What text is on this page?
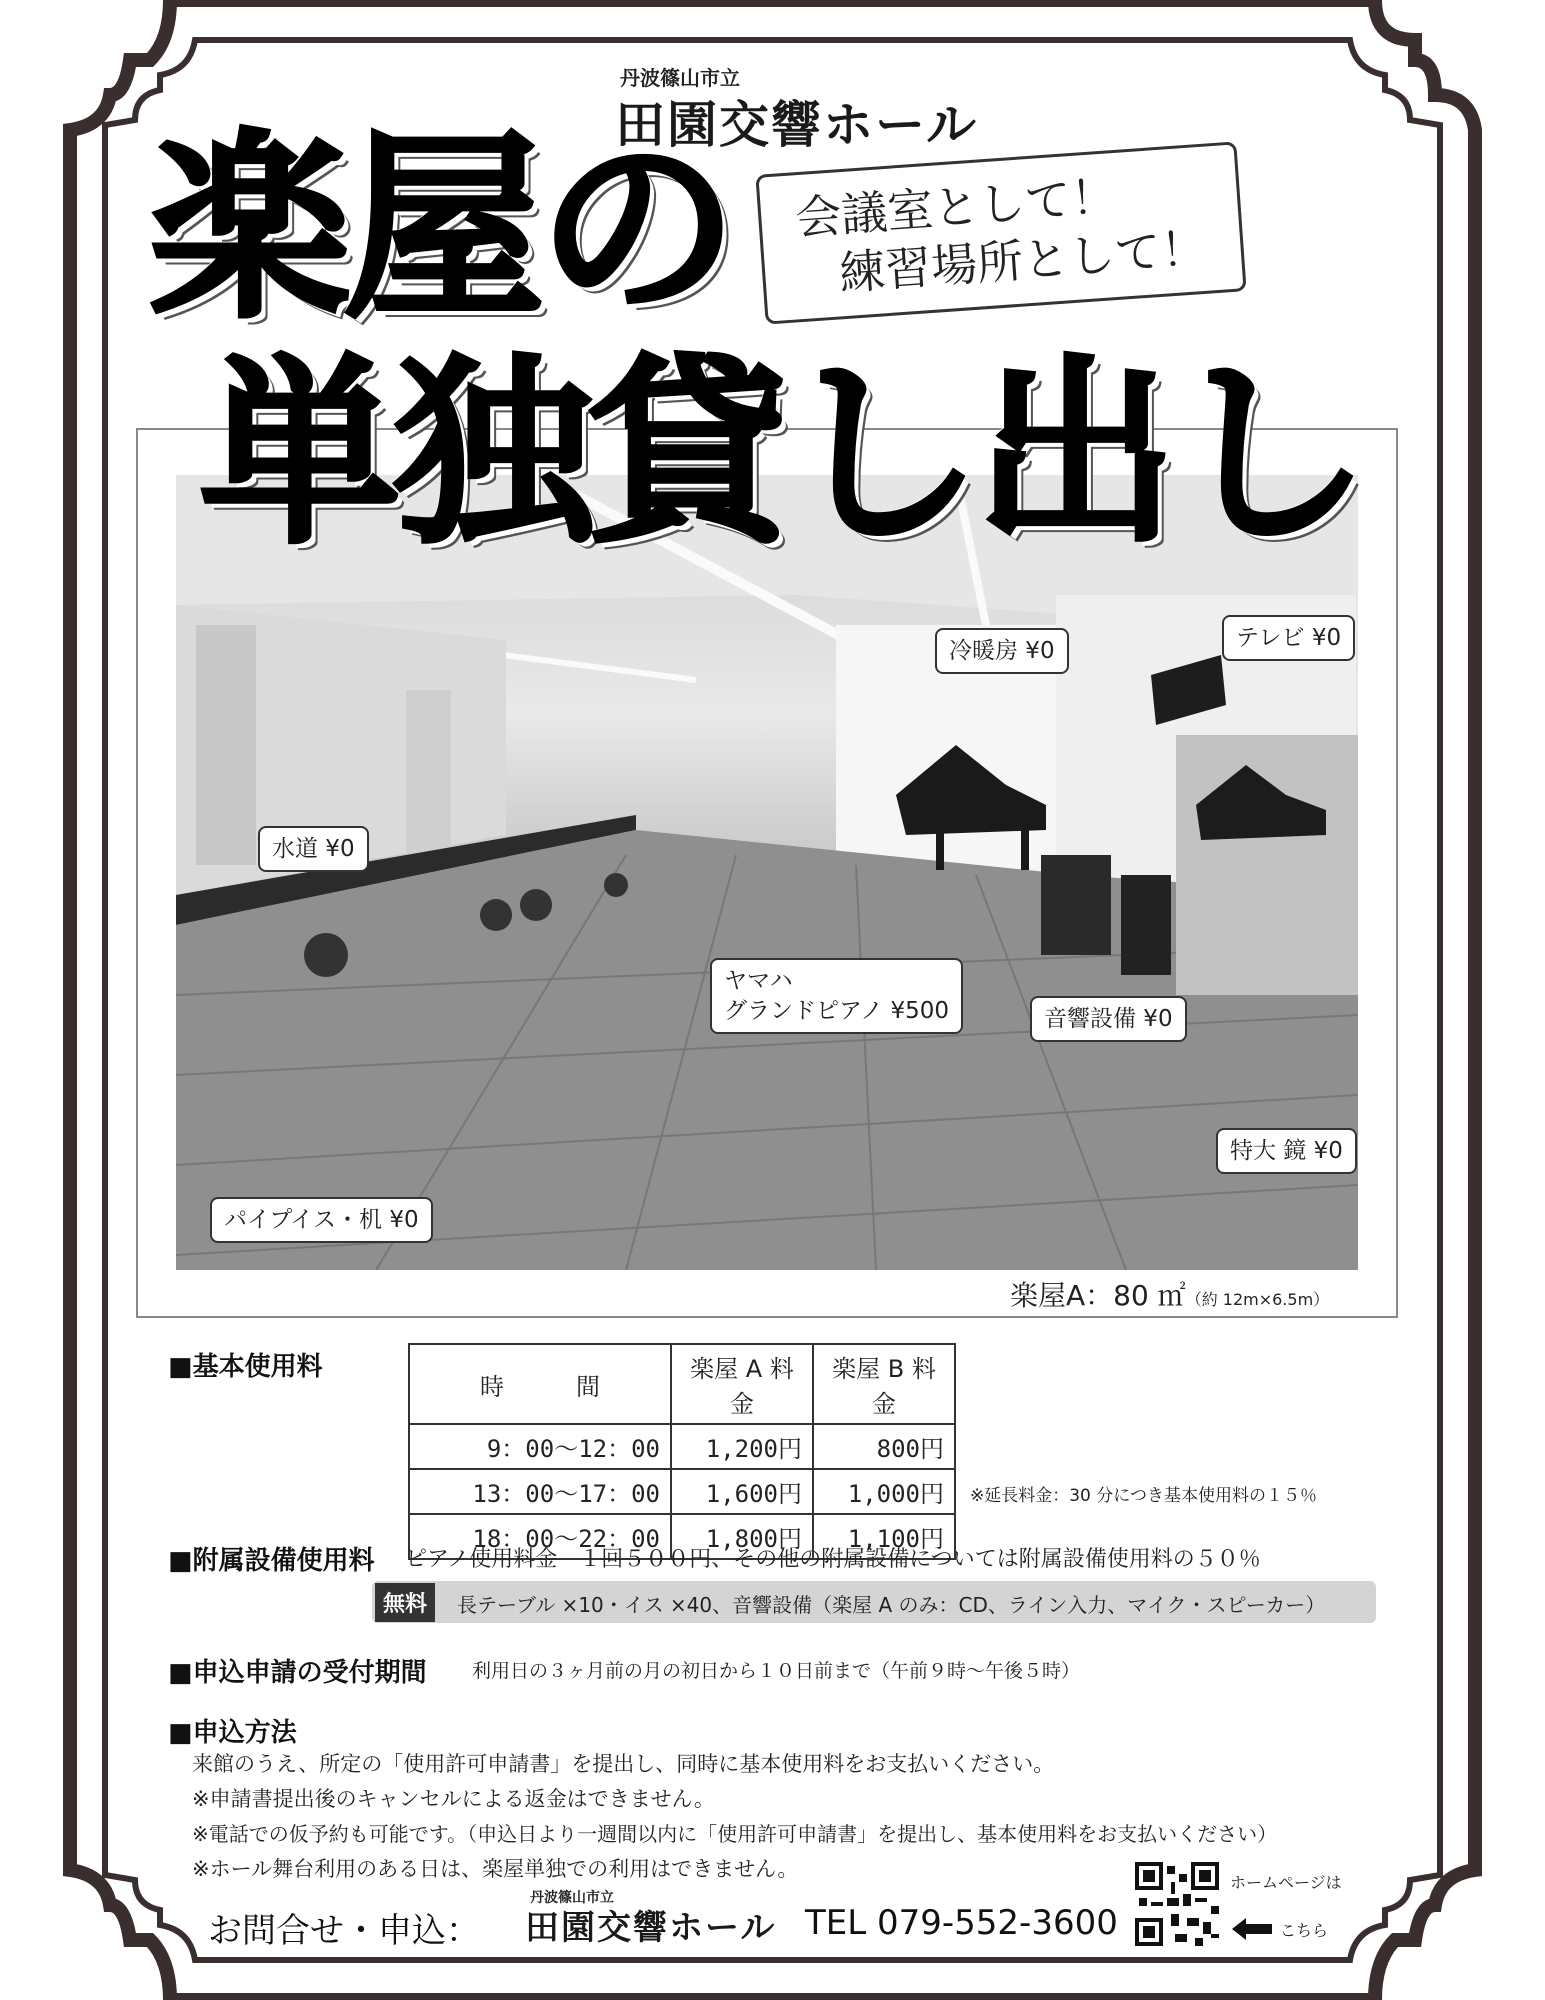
丹波篠山市立
田園交響ホール
会議室として！
練習場所として！
楽屋の
単独貸し出し
冷暖房 ¥0	テレビ ¥0
水道 ¥0
ヤマハ
グランドピアノ ¥500	音響設備 ¥0
特大 鏡 ¥0
パイプイス・机 ¥0
楽屋A：80 ㎡（約 12m×6.5m）
■基本使用料
時　　　間	楽屋 A 料金	楽屋 B 料金
9：00〜12：00	1,200円	800円
13：00〜17：00	1,600円	1,000円
18：00〜22：00	1,800円	1,100円
※延長料金：30 分につき基本使用料の１５％
■附属設備使用料 ピアノ使用料金　１回５００円、その他の附属設備については附属設備使用料の５０％
無料	長テーブル ×10・イス ×40、音響設備（楽屋 A のみ：CD、ライン入力、マイク・スピーカー）
■申込申請の受付期間 利用日の３ヶ月前の月の初日から１０日前まで（午前９時〜午後５時）
■申込方法
来館のうえ、所定の「使用許可申請書」を提出し、同時に基本使用料をお支払いください。
※申請書提出後のキャンセルによる返金はできません。
※電話での仮予約も可能です。（申込日より一週間以内に「使用許可申請書」を提出し、基本使用料をお支払いください）
※ホール舞台利用のある日は、楽屋単独での利用はできません。
お問合せ・申込：
丹波篠山市立
田園交響ホール TEL 079-552-3600
ホームページは
こちら
